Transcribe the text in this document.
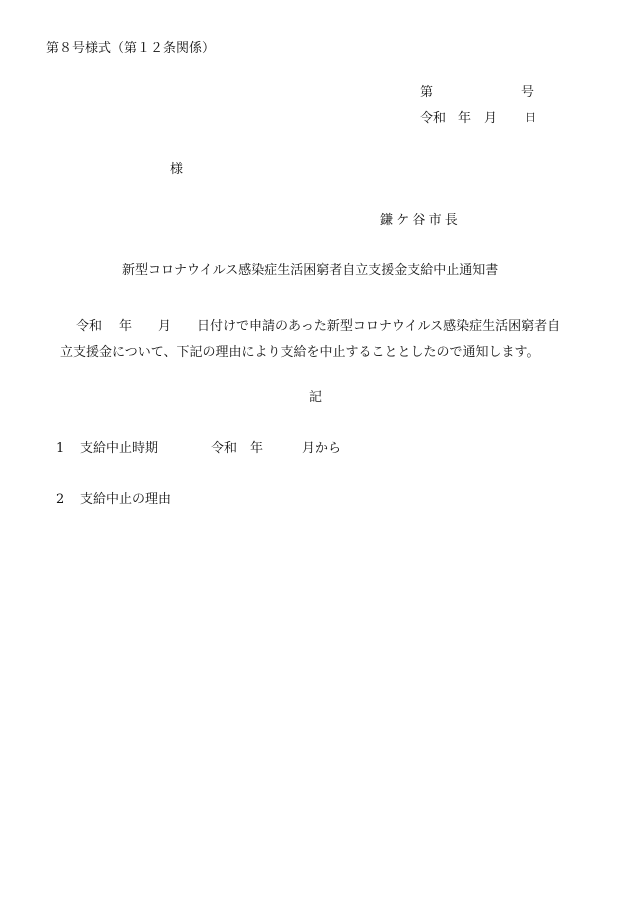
第８号様式（第１２条関係）
第	号
令和 年 月	日
様
鎌ケ谷市長
新型コロナウイルス感染症生活困窮者自立支援金支給中止通知書
令和 年 月 日付けで申請のあった新型コロナウイルス感染症生活困窮者自
立支援金について、下記の理由により支給を中止することとしたので通知します。
記
1 支給中止時期	令和 年	月から
2 支給中止の理由
